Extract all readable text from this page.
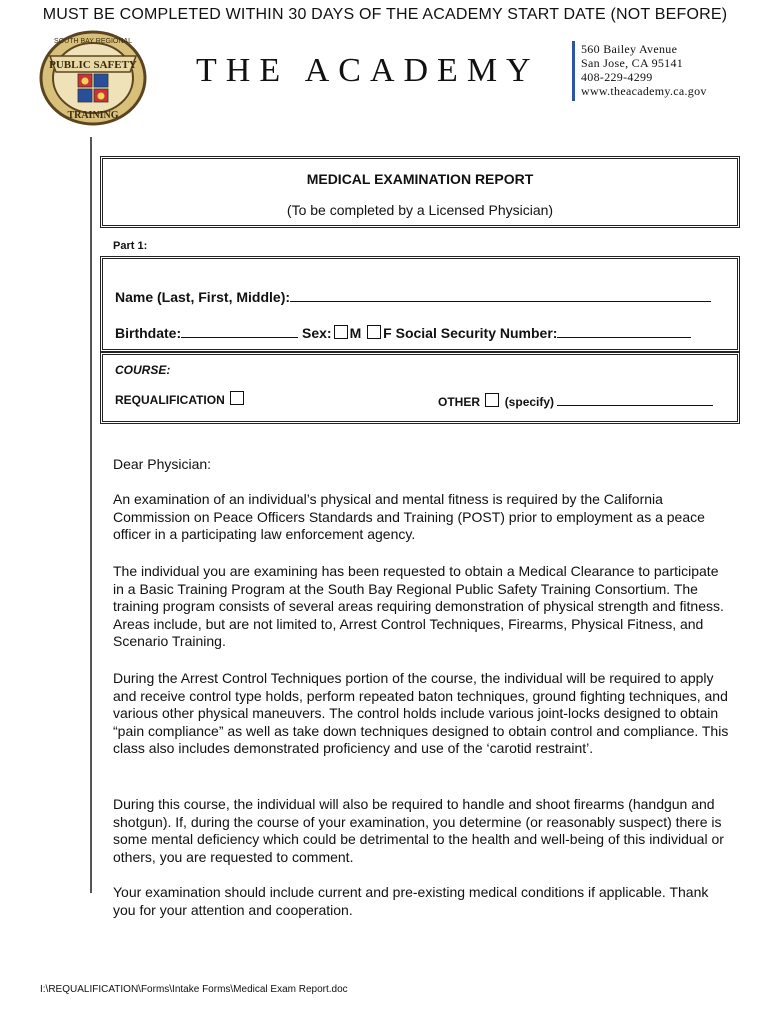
MUST BE COMPLETED WITHIN 30 DAYS OF THE ACADEMY START DATE (NOT BEFORE)
PUBLIC SAFETY
SOUTH BAY REGIONAL
TRAINING
THE ACADEMY
560 Bailey Avenue
San Jose, CA 95141
408-229-4299
www.theacademy.ca.gov
MEDICAL EXAMINATION REPORT
(To be completed by a Licensed Physician)
Part 1:
Name (Last, First, Middle):
Birthdate:	Sex: M F Social Security Number:
COURSE:
REQUALIFICATION	OTHER (specify)
Dear Physician:
An examination of an individual’s physical and mental fitness is required by the California Commission on Peace Officers Standards and Training (POST) prior to employment as a peace officer in a participating law enforcement agency.
The individual you are examining has been requested to obtain a Medical Clearance to participate in a Basic Training Program at the South Bay Regional Public Safety Training Consortium. The training program consists of several areas requiring demonstration of physical strength and fitness. Areas include, but are not limited to, Arrest Control Techniques, Firearms, Physical Fitness, and Scenario Training.
During the Arrest Control Techniques portion of the course, the individual will be required to apply and receive control type holds, perform repeated baton techniques, ground fighting techniques, and various other physical maneuvers. The control holds include various joint-locks designed to obtain “pain compliance” as well as take down techniques designed to obtain control and compliance. This class also includes demonstrated proficiency and use of the ‘carotid restraint’.
During this course, the individual will also be required to handle and shoot firearms (handgun and shotgun). If, during the course of your examination, you determine (or reasonably suspect) there is some mental deficiency which could be detrimental to the health and well-being of this individual or others, you are requested to comment.
Your examination should include current and pre-existing medical conditions if applicable. Thank you for your attention and cooperation.
I:\REQUALIFICATION\Forms\Intake Forms\Medical Exam Report.doc
